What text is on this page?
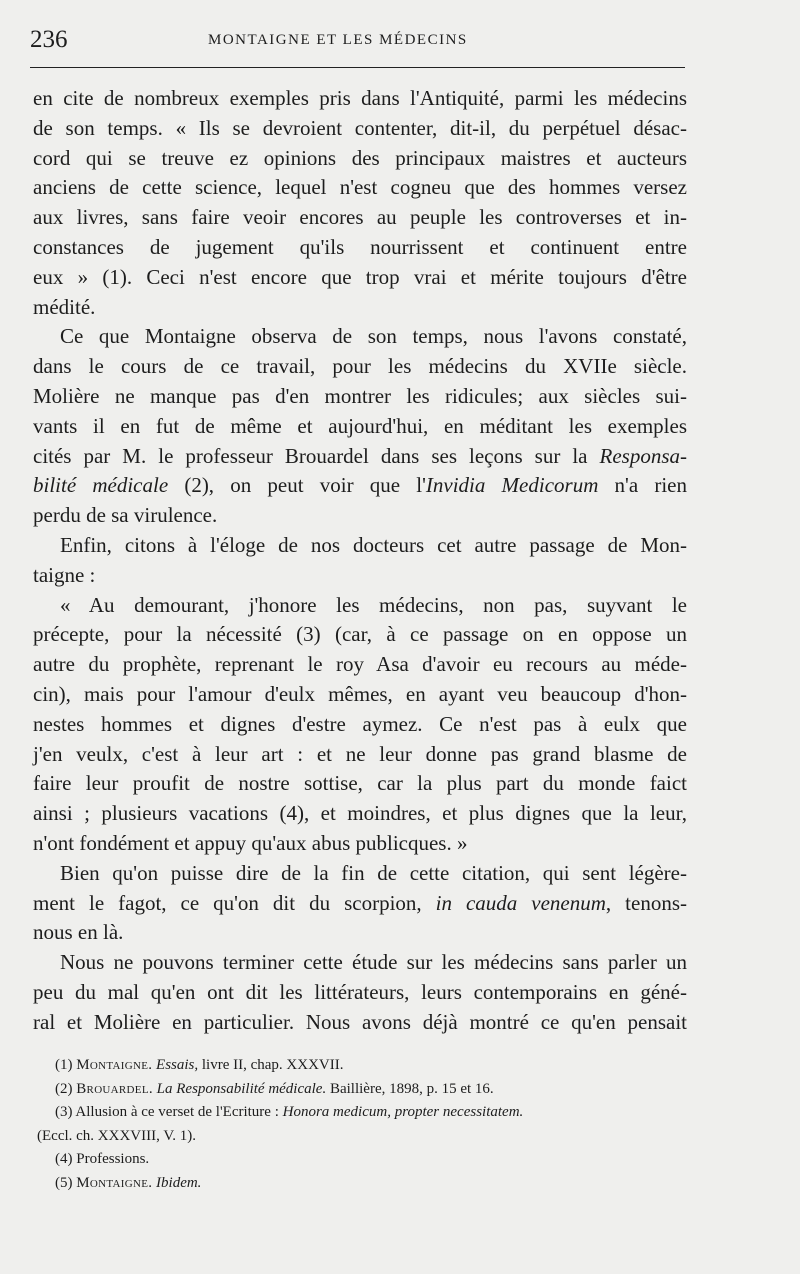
236	MONTAIGNE ET LES MÉDECINS
en cite de nombreux exemples pris dans l'Antiquité, parmi les médecins
de son temps. « Ils se devroient contenter, dit-il, du perpétuel désac-
cord qui se treuve ez opinions des principaux maistres et aucteurs
anciens de cette science, lequel n'est cogneu que des hommes versez
aux livres, sans faire veoir encores au peuple les controverses et in-
constances de jugement qu'ils nourrissent et continuent entre
eux » (1). Ceci n'est encore que trop vrai et mérite toujours d'être
médité.
Ce que Montaigne observa de son temps, nous l'avons constaté,
dans le cours de ce travail, pour les médecins du XVIIe siècle.
Molière ne manque pas d'en montrer les ridicules; aux siècles sui-
vants il en fut de même et aujourd'hui, en méditant les exemples
cités par M. le professeur Brouardel dans ses leçons sur la Responsa-
bilité médicale (2), on peut voir que l'Invidia Medicorum n'a rien
perdu de sa virulence.
Enfin, citons à l'éloge de nos docteurs cet autre passage de Mon-
taigne :
« Au demourant, j'honore les médecins, non pas, suyvant le
précepte, pour la nécessité (3) (car, à ce passage on en oppose un
autre du prophète, reprenant le roy Asa d'avoir eu recours au méde-
cin), mais pour l'amour d'eulx mêmes, en ayant veu beaucoup d'hon-
nestes hommes et dignes d'estre aymez. Ce n'est pas à eulx que
j'en veulx, c'est à leur art : et ne leur donne pas grand blasme de
faire leur proufit de nostre sottise, car la plus part du monde faict
ainsi ; plusieurs vacations (4), et moindres, et plus dignes que la leur,
n'ont fondément et appuy qu'aux abus publicques. »
Bien qu'on puisse dire de la fin de cette citation, qui sent légère-
ment le fagot, ce qu'on dit du scorpion, in cauda venenum, tenons-
nous en là.
Nous ne pouvons terminer cette étude sur les médecins sans parler un
peu du mal qu'en ont dit les littérateurs, leurs contemporains en géné-
ral et Molière en particulier. Nous avons déjà montré ce qu'en pensait
(1) Montaigne. Essais, livre II, chap. XXXVII.
(2) Brouardel. La Responsabilité médicale. Baillière, 1898, p. 15 et 16.
(3) Allusion à ce verset de l'Ecriture : Honora medicum, propter necessitatem.
(Eccl. ch. XXXVIII, V. 1).
(4) Professions.
(5) Montaigne. Ibidem.
